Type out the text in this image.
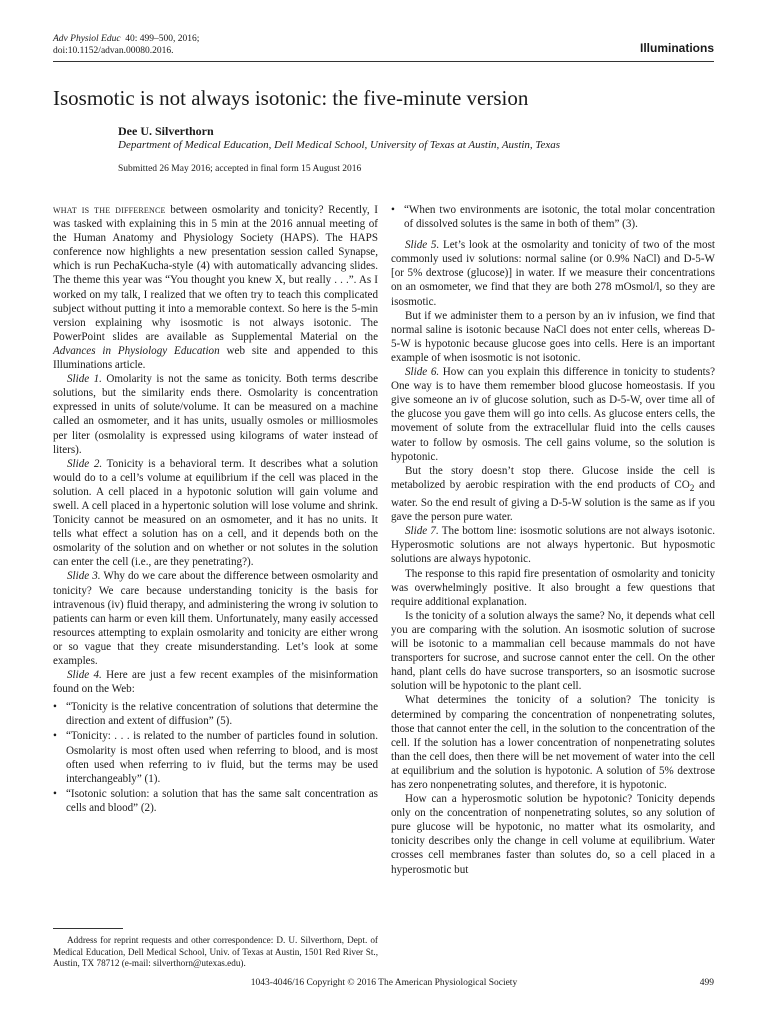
Adv Physiol Educ 40: 499–500, 2016;
doi:10.1152/advan.00080.2016.	Illuminations
Isosmotic is not always isotonic: the five-minute version
Dee U. Silverthorn
Department of Medical Education, Dell Medical School, University of Texas at Austin, Austin, Texas
Submitted 26 May 2016; accepted in final form 15 August 2016

what is the difference between osmolarity and tonicity? Recently, I was tasked with explaining this in 5 min at the 2016 annual meeting of the Human Anatomy and Physiology Society (HAPS). The HAPS conference now highlights a new presentation session called Synapse, which is run PechaKucha-style (4) with automatically advancing slides. The theme this year was “You thought you knew X, but really . . .”. As I worked on my talk, I realized that we often try to teach this complicated subject without putting it into a memorable context. So here is the 5-min version explaining why isosmotic is not always isotonic. The PowerPoint slides are available as Supplemental Material on the Advances in Physiology Education web site and appended to this Illuminations article.

Slide 1. Omolarity is not the same as tonicity. Both terms describe solutions, but the similarity ends there. Osmolarity is concentration expressed in units of solute/volume. It can be measured on a machine called an osmometer, and it has units, usually osmoles or milliosmoles per liter (osmolality is expressed using kilograms of water instead of liters).

Slide 2. Tonicity is a behavioral term. It describes what a solution would do to a cell’s volume at equilibrium if the cell was placed in the solution. A cell placed in a hypotonic solution will gain volume and swell. A cell placed in a hypertonic solution will lose volume and shrink. Tonicity cannot be measured on an osmometer, and it has no units. It tells what effect a solution has on a cell, and it depends both on the osmolarity of the solution and on whether or not solutes in the solution can enter the cell (i.e., are they penetrating?).

Slide 3. Why do we care about the difference between osmolarity and tonicity? We care because understanding tonicity is the basis for intravenous (iv) fluid therapy, and administering the wrong iv solution to patients can harm or even kill them. Unfortunately, many easily accessed resources attempting to explain osmolarity and tonicity are either wrong or so vague that they create misunderstanding. Let’s look at some examples.

Slide 4. Here are just a few recent examples of the misinformation found on the Web:

• “Tonicity is the relative concentration of solutions that determine the direction and extent of diffusion” (5).
• “Tonicity: . . . is related to the number of particles found in solution. Osmolarity is most often used when referring to blood, and is most often used when referring to iv fluid, but the terms may be used interchangeably” (1).
• “Isotonic solution: a solution that has the same salt concentration as cells and blood” (2).
Address for reprint requests and other correspondence: D. U. Silverthorn, Dept. of Medical Education, Dell Medical School, Univ. of Texas at Austin, 1501 Red River St., Austin, TX 78712 (e-mail: silverthorn@utexas.edu).
• “When two environments are isotonic, the total molar concentration of dissolved solutes is the same in both of them” (3).

Slide 5. Let’s look at the osmolarity and tonicity of two of the most commonly used iv solutions: normal saline (or 0.9% NaCl) and D-5-W [or 5% dextrose (glucose)] in water. If we measure their concentrations on an osmometer, we find that they are both 278 mOsmol/l, so they are isosmotic.

But if we administer them to a person by an iv infusion, we find that normal saline is isotonic because NaCl does not enter cells, whereas D-5-W is hypotonic because glucose goes into cells. Here is an important example of when isosmotic is not isotonic.

Slide 6. How can you explain this difference in tonicity to students? One way is to have them remember blood glucose homeostasis. If you give someone an iv of glucose solution, such as D-5-W, over time all of the glucose you gave them will go into cells. As glucose enters cells, the movement of solute from the extracellular fluid into the cells causes water to follow by osmosis. The cell gains volume, so the solution is hypotonic.

But the story doesn’t stop there. Glucose inside the cell is metabolized by aerobic respiration with the end products of $CO_2$ and water. So the end result of giving a D-5-W solution is the same as if you gave the person pure water.

Slide 7. The bottom line: isosmotic solutions are not always isotonic. Hyperosmotic solutions are not always hypertonic. But hyposmotic solutions are always hypotonic.

The response to this rapid fire presentation of osmolarity and tonicity was overwhelmingly positive. It also brought a few questions that require additional explanation.

Is the tonicity of a solution always the same? No, it depends what cell you are comparing with the solution. An isosmotic solution of sucrose will be isotonic to a mammalian cell because mammals do not have transporters for sucrose, and sucrose cannot enter the cell. On the other hand, plant cells do have sucrose transporters, so an isosmotic sucrose solution will be hypotonic to the plant cell.

What determines the tonicity of a solution? The tonicity is determined by comparing the concentration of nonpenetrating solutes, those that cannot enter the cell, in the solution to the concentration of the cell. If the solution has a lower concentration of nonpenetrating solutes than the cell does, then there will be net movement of water into the cell at equilibrium and the solution is hypotonic. A solution of 5% dextrose has zero nonpenetrating solutes, and therefore, it is hypotonic.

How can a hyperosmotic solution be hypotonic? Tonicity depends only on the concentration of nonpenetrating solutes, so any solution of pure glucose will be hypotonic, no matter what its osmolarity, and tonicity describes only the change in cell volume at equilibrium. Water crosses cell membranes faster than solutes do, so a cell placed in a hyperosmotic but

1043-4046/16 Copyright © 2016 The American Physiological Society	499
